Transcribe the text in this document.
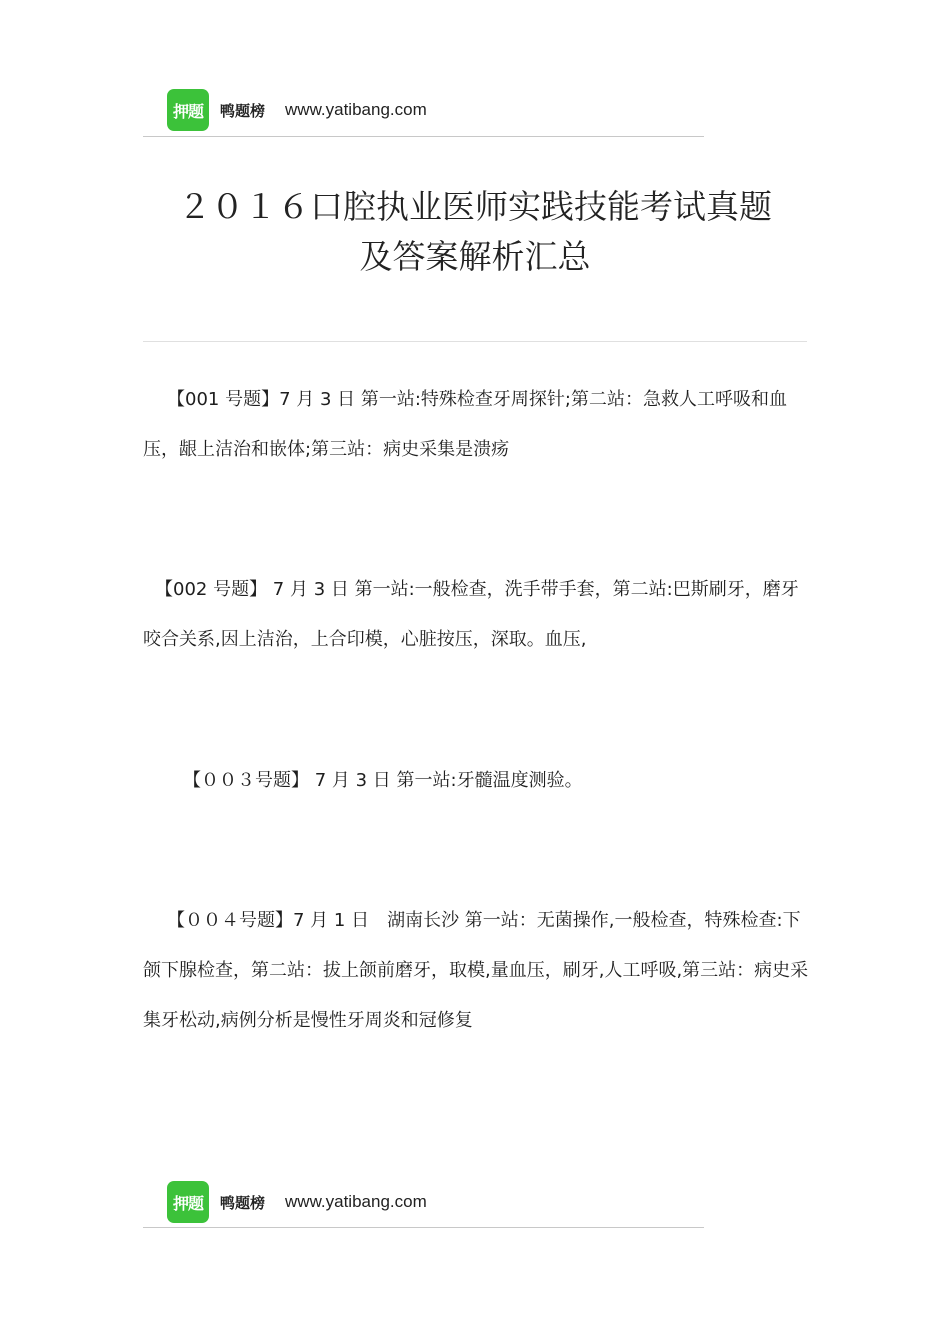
押题	鸭题榜 www.yatibang.com
２０１６口腔执业医师实践技能考试真题
及答案解析汇总

【001 号题】7 月 3 日 第一站:特殊检查牙周探针;第二站：急救人工呼吸和血压，龈上洁治和嵌体;第三站：病史采集是溃疡

【002 号题】 7 月 3 日 第一站:一般检查，洗手带手套，第二站:巴斯刷牙，磨牙咬合关系,因上洁治，上合印模，心脏按压，深取。血压,

【００３号题】 7 月 3 日 第一站:牙髓温度测验。

【００４号题】7 月 1 日　湖南长沙 第一站：无菌操作,一般检查，特殊检查:下颌下腺检查，第二站：拔上颌前磨牙，取模,量血压，刷牙,人工呼吸,第三站：病史采集牙松动,病例分析是慢性牙周炎和冠修复

押题	鸭题榜 www.yatibang.com
